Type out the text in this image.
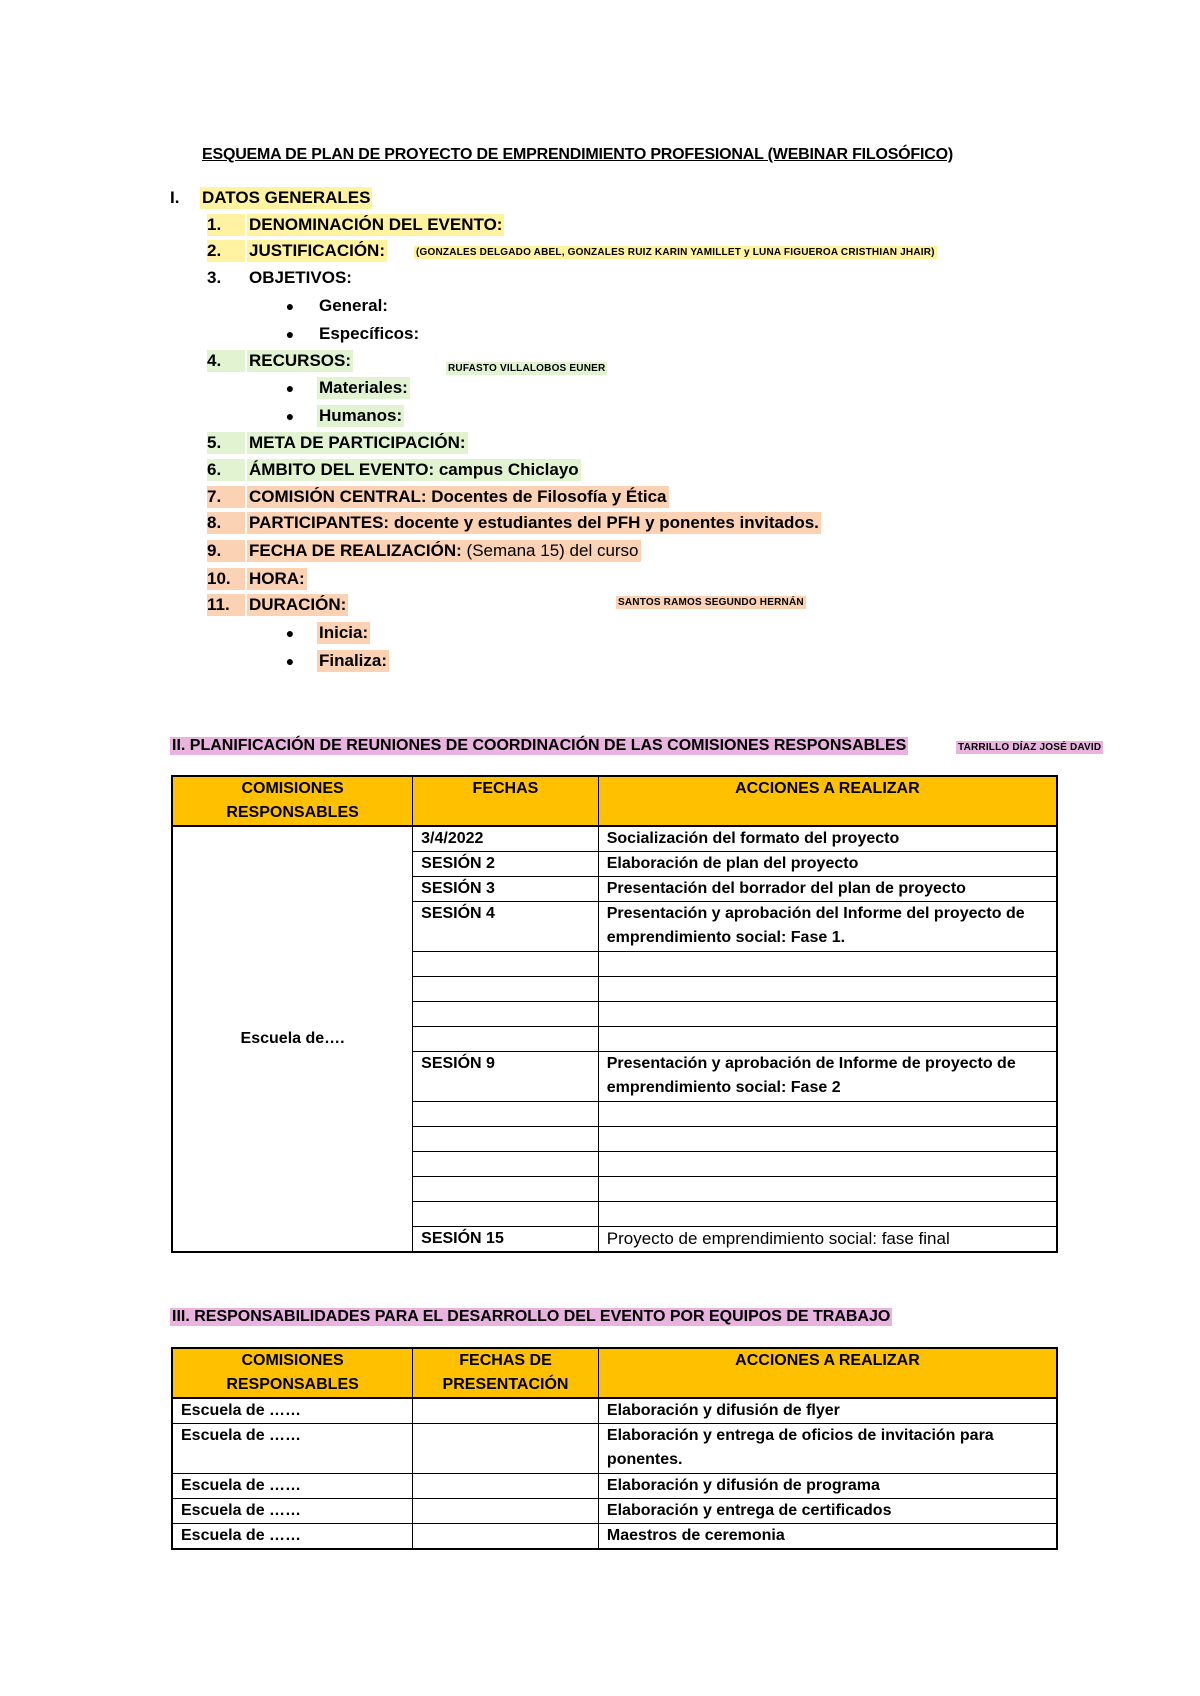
ESQUEMA DE PLAN DE PROYECTO DE EMPRENDIMIENTO PROFESIONAL (WEBINAR FILOSÓFICO)
I. DATOS GENERALES
1.	DENOMINACIÓN DEL EVENTO:
2.	JUSTIFICACIÓN:	(GONZALES DELGADO ABEL, GONZALES RUIZ KARIN YAMILLET y LUNA FIGUEROA CRISTHIAN JHAIR)
3.	OBJETIVOS:
●	General:
●	Específicos:
4.	RECURSOS:	RUFASTO VILLALOBOS EUNER
●	Materiales:
●	Humanos:
5.	META DE PARTICIPACIÓN:
6.	ÁMBITO DEL EVENTO: campus Chiclayo
7.	COMISIÓN CENTRAL: Docentes de Filosofía y Ética
8.	PARTICIPANTES: docente y estudiantes del PFH y ponentes invitados.
9.	FECHA DE REALIZACIÓN: (Semana 15) del curso
10.	HORA:
11.	DURACIÓN:	SANTOS RAMOS SEGUNDO HERNÁN
●	Inicia:
●	Finaliza:
II. PLANIFICACIÓN DE REUNIONES DE COORDINACIÓN DE LAS COMISIONES RESPONSABLES	TARRILLO DÍAZ JOSÉ DAVID
COMISIONES RESPONSABLES	FECHAS	ACCIONES A REALIZAR
Escuela de….	3/4/2022	Socialización del formato del proyecto
	SESIÓN 2	Elaboración de plan del proyecto
	SESIÓN 3	Presentación del borrador del plan de proyecto
	SESIÓN 4	Presentación y aprobación del Informe del proyecto de emprendimiento social: Fase 1.

	SESIÓN 9	Presentación y aprobación de Informe de proyecto de emprendimiento social: Fase 2

	SESIÓN 15	Proyecto de emprendimiento social: fase final
III. RESPONSABILIDADES PARA EL DESARROLLO DEL EVENTO POR EQUIPOS DE TRABAJO
COMISIONES RESPONSABLES	FECHAS DE PRESENTACIÓN	ACCIONES A REALIZAR
Escuela de ……		Elaboración y difusión de flyer
Escuela de ……		Elaboración y entrega de oficios de invitación para ponentes.
Escuela de ……		Elaboración y difusión de programa
Escuela de ……		Elaboración y entrega de certificados
Escuela de ……		Maestros de ceremonia
